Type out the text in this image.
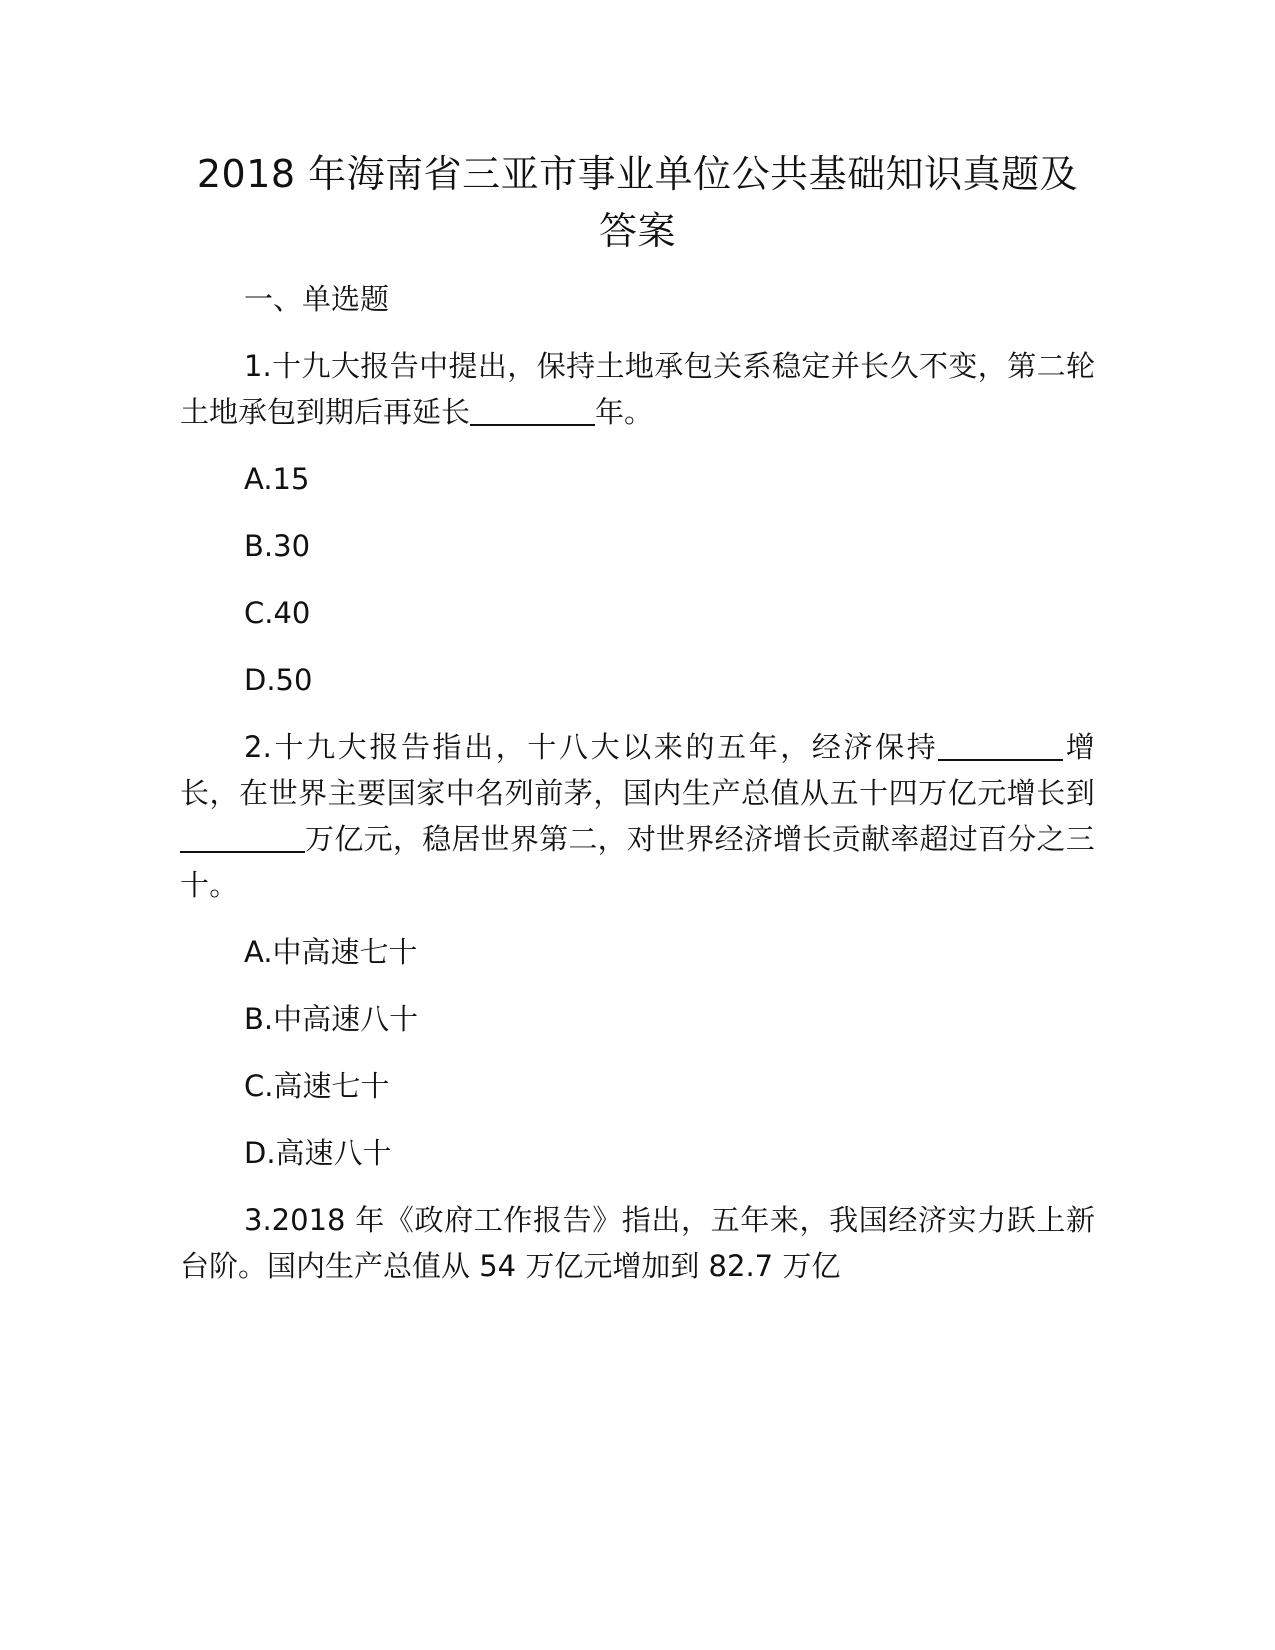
2018 年海南省三亚市事业单位公共基础知识真题及答案

一、单选题

1.十九大报告中提出，保持土地承包关系稳定并长久不变，第二轮土地承包到期后再延长	年。

A.15

B.30

C.40

D.50

2.十九大报告指出，十八大以来的五年，经济保持	增长，在世界主要国家中名列前茅，国内生产总值从五十四万亿元增长到万亿元，稳居世界第二，对世界经济增长贡献率超过百分之三十。

A.中高速七十

B.中高速八十

C.高速七十

D.高速八十

3.2018 年《政府工作报告》指出，五年来，我国经济实力跃上新台阶。国内生产总值从 54 万亿元增加到 82.7 万亿
